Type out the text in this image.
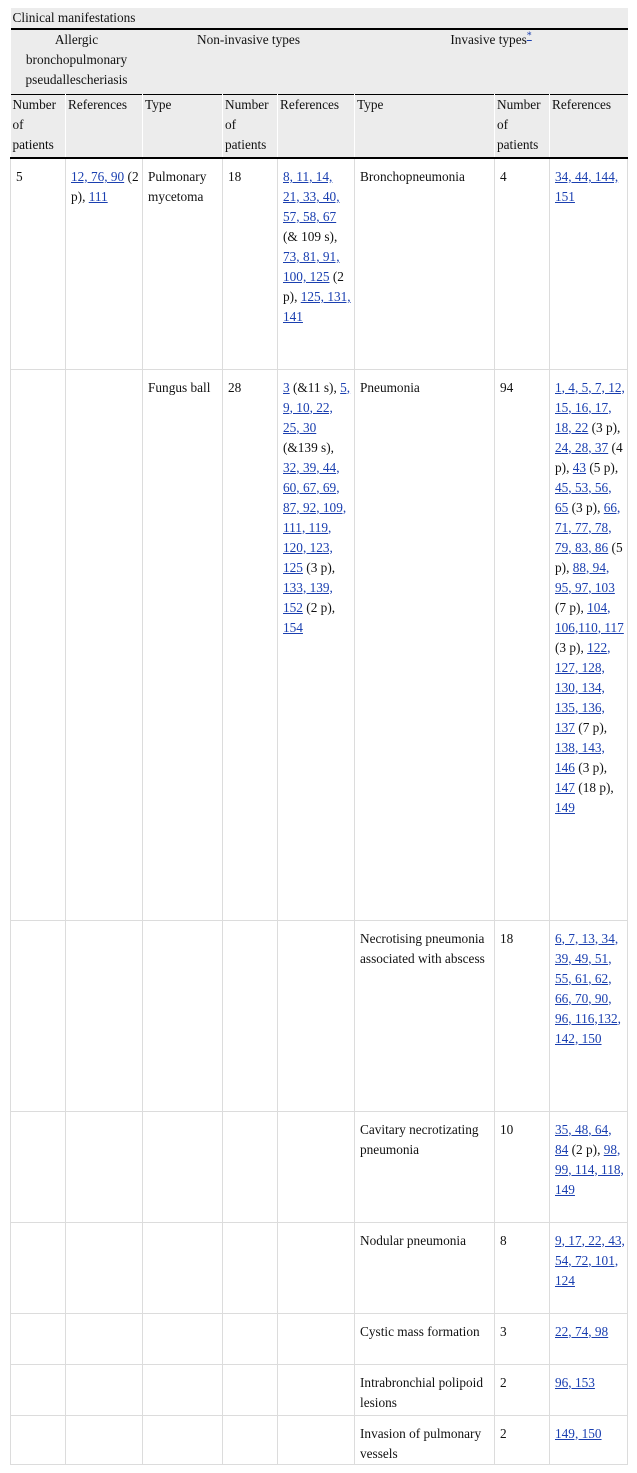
Clinical manifestations							
Allergic bronchopulmonary pseudallescheriasis		Non-invasive types			Invasive types*
Number of patients	References	Type	Number of patients	References	Type	Number of patients	References
5	12, 76, 90 (2 p), 111	Pulmonary mycetoma	18	8, 11, 14, 21, 33, 40, 57, 58, 67 (& 109 s), 73, 81, 91, 100, 125 (2 p), 125, 131, 141	Bronchopneumonia	4	34, 44, 144, 151
		Fungus ball	28	3 (&11 s), 5, 9, 10, 22, 25, 30 (&139 s), 32, 39, 44, 60, 67, 69, 87, 92, 109, 111, 119, 120, 123, 125 (3 p), 133, 139, 152 (2 p), 154	Pneumonia	94	1, 4, 5, 7, 12, 15, 16, 17, 18, 22 (3 p), 24, 28, 37 (4 p), 43 (5 p), 45, 53, 56, 65 (3 p), 66, 71, 77, 78, 79, 83, 86 (5 p), 88, 94, 95, 97, 103 (7 p), 104, 106,110, 117 (3 p), 122, 127, 128, 130, 134, 135, 136, 137 (7 p), 138, 143, 146 (3 p), 147 (18 p), 149
					Necrotising pneumonia associated with abscess	18	6, 7, 13, 34, 39, 49, 51, 55, 61, 62, 66, 70, 90, 96, 116,132, 142, 150
					Cavitary necrotizating pneumonia	10	35, 48, 64, 84 (2 p), 98, 99, 114, 118, 149
					Nodular pneumonia	8	9, 17, 22, 43, 54, 72, 101, 124
					Cystic mass formation	3	22, 74, 98
					Intrabronchial polipoid lesions	2	96, 153
					Invasion of pulmonary vessels	2	149, 150
